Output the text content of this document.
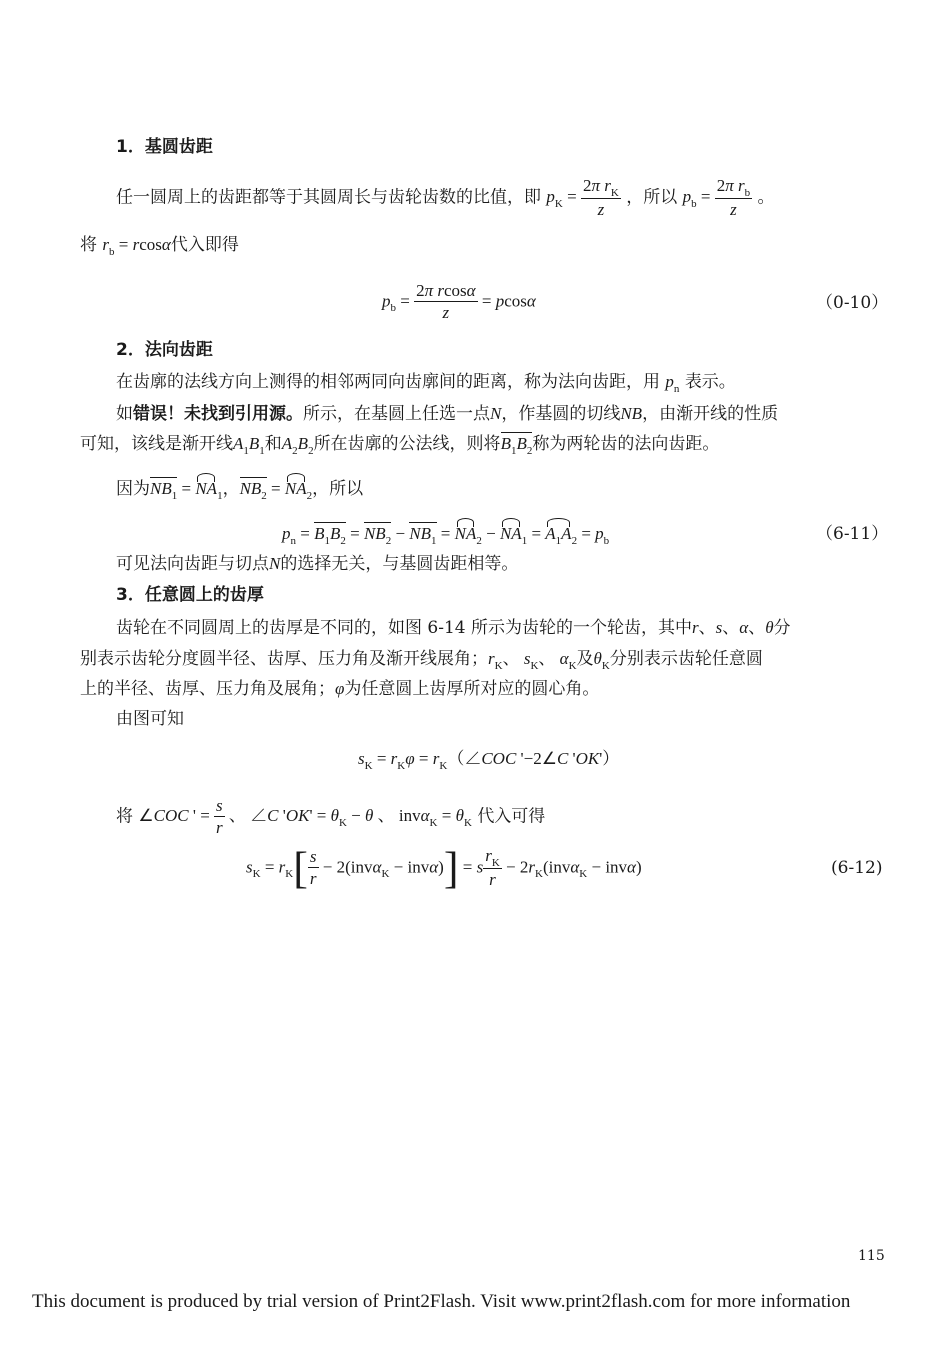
1．基圆齿距
任一圆周上的齿距都等于其圆周长与齿轮齿数的比值，即 $p_K = \frac{2\pi r_K}{z}$ ，所以 $p_b = \frac{2\pi r_b}{z}$ 。
将 $r_b = rcos\alpha$代入即得
$p_b = \frac{\text{2π rcosα}}{z} = pcos\alpha$	（0-10）
2．法向齿距
在齿廓的法线方向上测得的相邻两同向齿廓间的距离，称为法向齿距，用 $p_n$ 表示。
如错误！未找到引用源。所示，在基圆上任选一点N，作基圆的切线NB，由渐开线的性质
可知，该线是渐开线$A_1B_1$和$A_2B_2$所在齿廓的公法线，则将$B_1B_2$称为两轮齿的法向齿距。
因为$NB_1 = NA_1$，$NB_2 = NA_2$，所以
$p_n = B_1B_2 = NB_2 - NB_1 = NA_2 - NA_1 = A_1A_2 = p_b$	（6-11）
可见法向齿距与切点N的选择无关，与基圆齿距相等。
3．任意圆上的齿厚
齿轮在不同圆周上的齿厚是不同的，如图 6-14 所示为齿轮的一个轮齿，其中r、s、α、θ分
别表示齿轮分度圆半径、齿厚、压力角及渐开线展角；$r_K$、 $s_K$、 $\alpha_K$及$\theta_K$分别表示齿轮任意圆
上的半径、齿厚、压力角及展角；φ为任意圆上齿厚所对应的圆心角。
由图可知
$s_K = r_K\varphi$ = $r_K(\angle COC$ '−2∠C 'OK'）
将 ∠COC ' = $\frac{s}{r}$ 、 ∠C '$OK' = \theta_K - \theta$ 、 $inv\alpha_K = \theta_K$ 代入可得
$s_K = r_K[ \frac{s}{r} - 2(inv\alpha_K - inv\alpha)] = s \frac{r_K}{r} - 2r_K(inv\alpha_K - inv\alpha)$	(6-12)
115
This document is produced by trial version of Print2Flash. Visit www.print2flash.com for more information
